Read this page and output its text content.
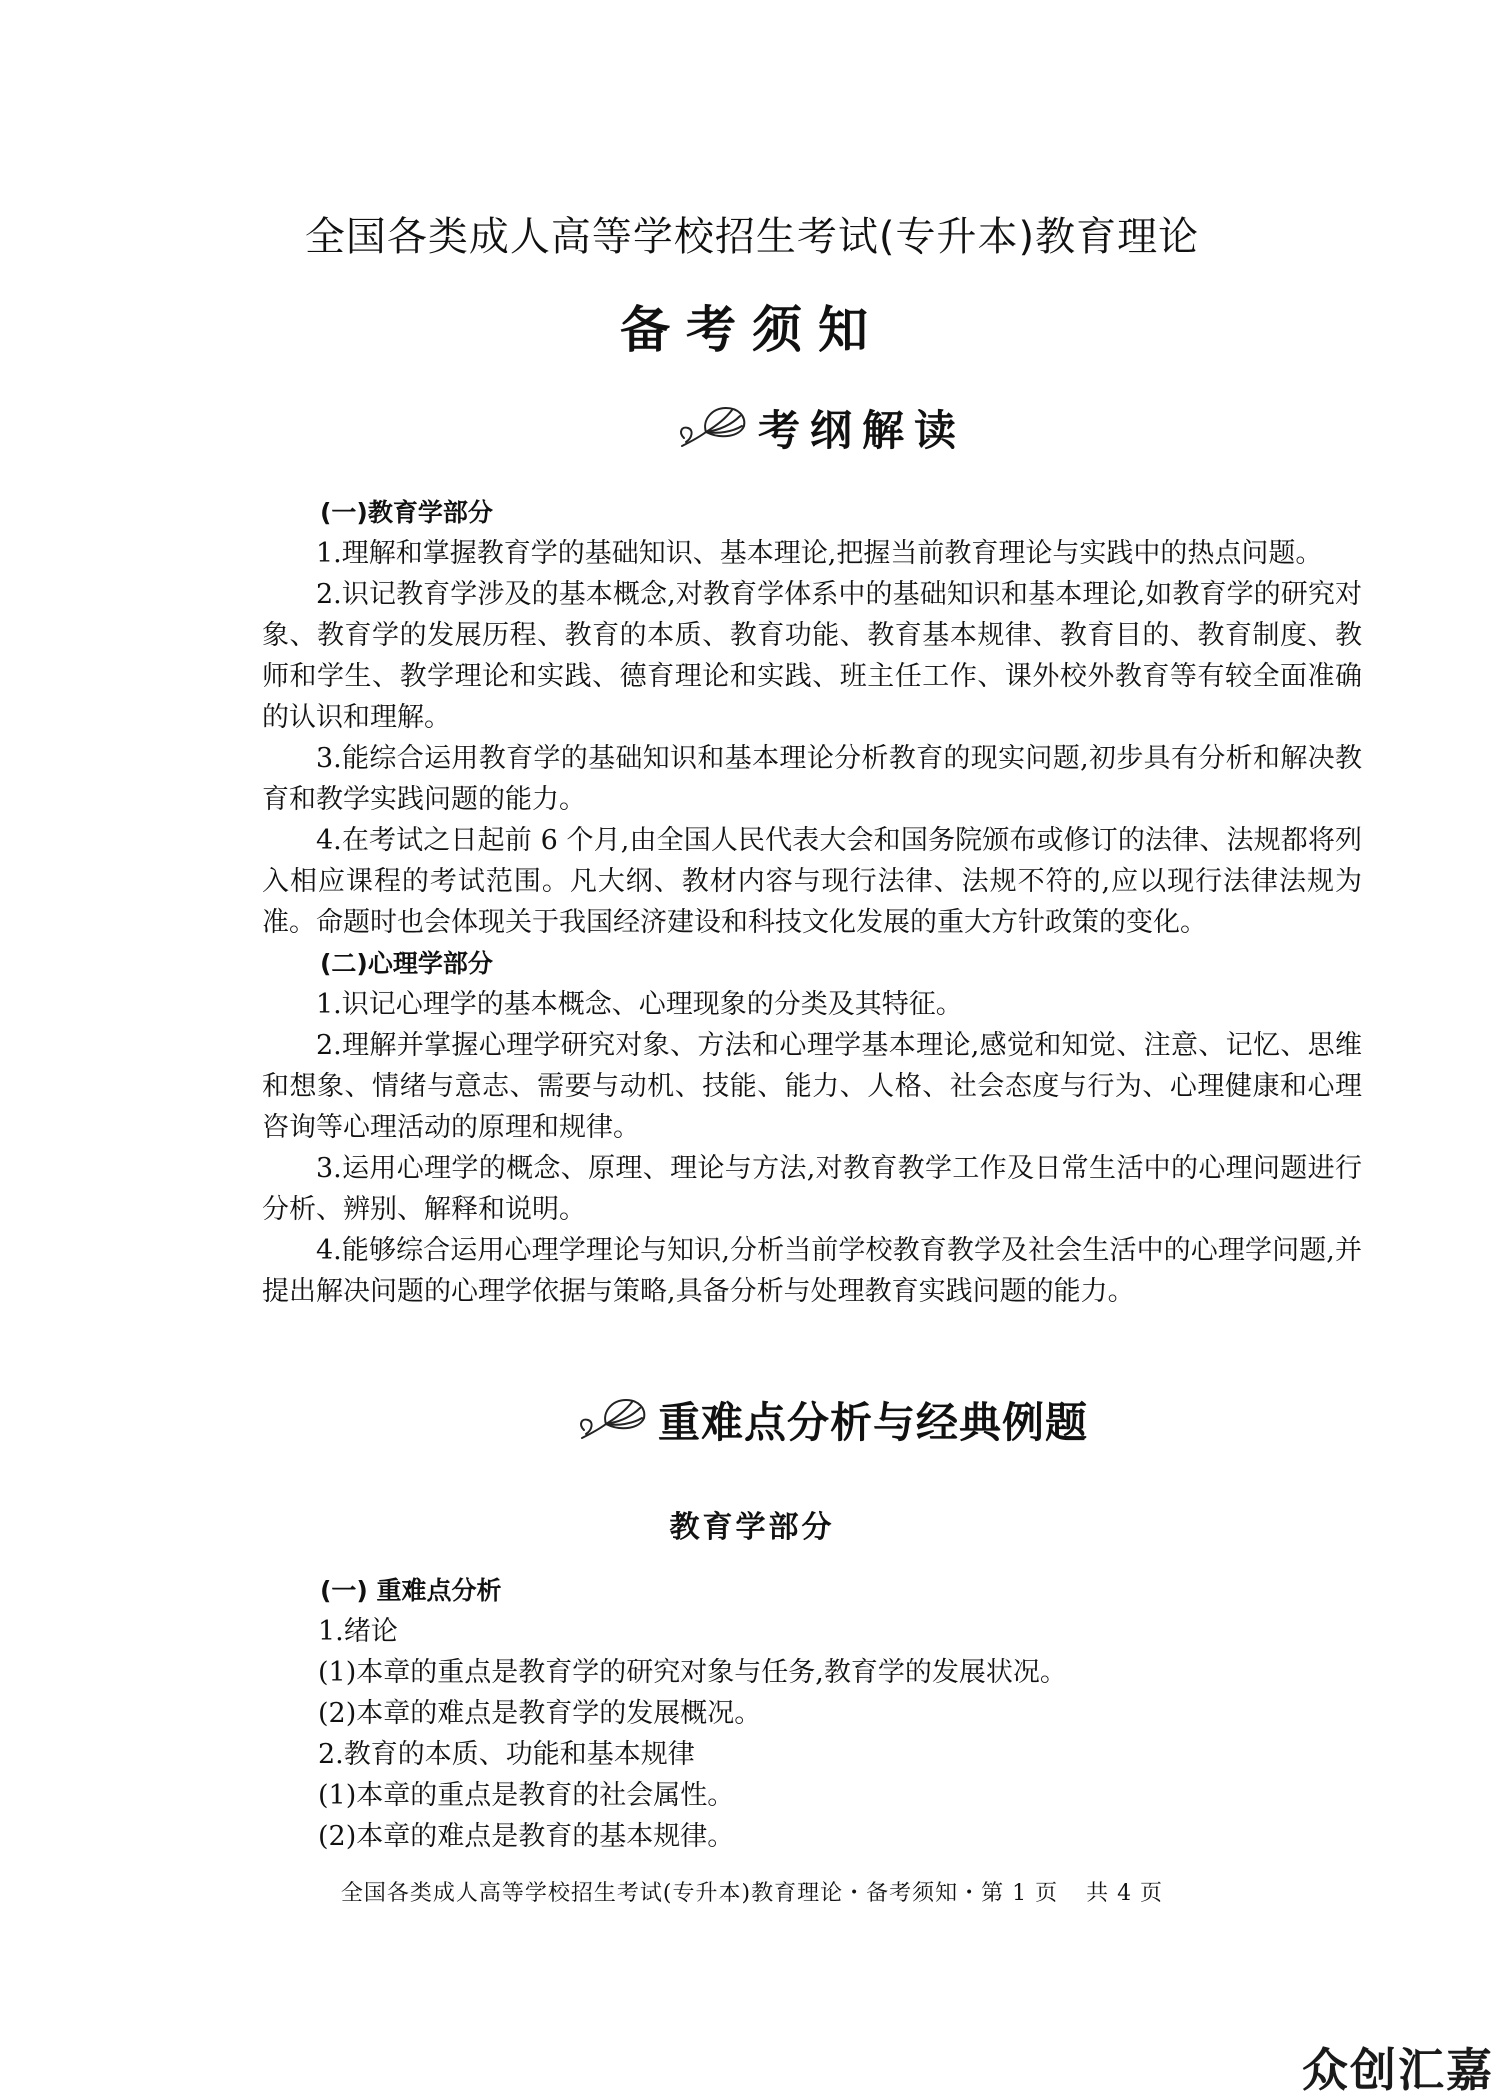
全国各类成人高等学校招生考试(专升本)教育理论
备考须知
考纲解读

(一)教育学部分

1.理解和掌握教育学的基础知识、基本理论,把握当前教育理论与实践中的热点问题。

2.识记教育学涉及的基本概念,对教育学体系中的基础知识和基本理论,如教育学的研究对象、教育学的发展历程、教育的本质、教育功能、教育基本规律、教育目的、教育制度、教师和学生、教学理论和实践、德育理论和实践、班主任工作、课外校外教育等有较全面准确的认识和理解。

3.能综合运用教育学的基础知识和基本理论分析教育的现实问题,初步具有分析和解决教育和教学实践问题的能力。

4.在考试之日起前 6 个月,由全国人民代表大会和国务院颁布或修订的法律、法规都将列入相应课程的考试范围。凡大纲、教材内容与现行法律、法规不符的,应以现行法律法规为准。命题时也会体现关于我国经济建设和科技文化发展的重大方针政策的变化。

(二)心理学部分

1.识记心理学的基本概念、心理现象的分类及其特征。

2.理解并掌握心理学研究对象、方法和心理学基本理论,感觉和知觉、注意、记忆、思维和想象、情绪与意志、需要与动机、技能、能力、人格、社会态度与行为、心理健康和心理咨询等心理活动的原理和规律。

3.运用心理学的概念、原理、理论与方法,对教育教学工作及日常生活中的心理问题进行分析、辨别、解释和说明。

4.能够综合运用心理学理论与知识,分析当前学校教育教学及社会生活中的心理学问题,并提出解决问题的心理学依据与策略,具备分析与处理教育实践问题的能力。

重难点分析与经典例题
教育学部分

(一) 重难点分析

1.绪论

(1)本章的重点是教育学的研究对象与任务,教育学的发展状况。

(2)本章的难点是教育学的发展概况。

2.教育的本质、功能和基本规律

(1)本章的重点是教育的社会属性。

(2)本章的难点是教育的基本规律。

全国各类成人高等学校招生考试(专升本)教育理论・备考须知・第 1 页 共 4 页
众创汇嘉
